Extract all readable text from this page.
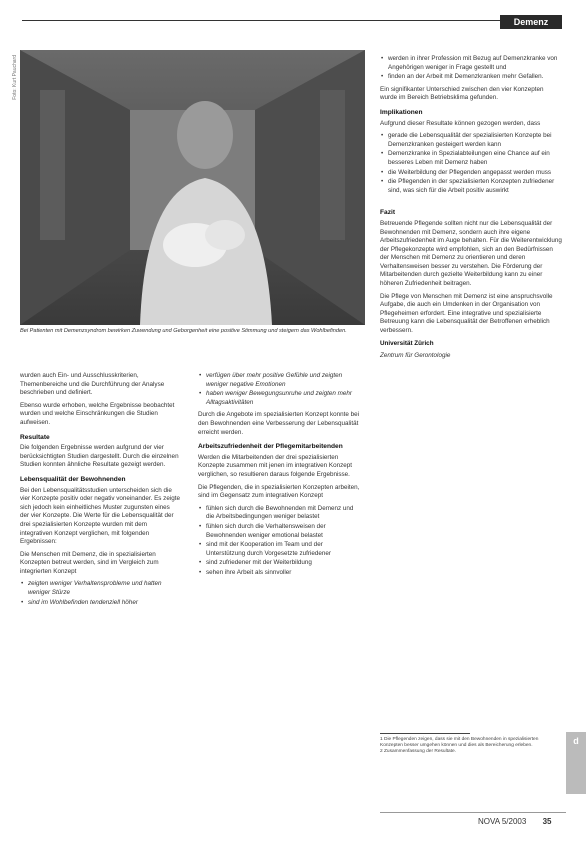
Demenz
Foto: Kurt Pauchard
Bei Patienten mit Demenzsyndrom bewirken Zuwendung und Geborgenheit eine positive Stimmung und steigern das Wohlbefinden.

wurden auch Ein- und Ausschlusskriterien, Themenbereiche und die Durchführung der Analyse beschrieben und definiert.

Ebenso wurde erhoben, welche Ergebnisse beobachtet wurden und welche Einschränkungen die Studien aufweisen.

Resultate

Die folgenden Ergebnisse werden aufgrund der vier berücksichtigten Studien dargestellt. Durch die einzelnen Studien konnten ähnliche Resultate gezeigt werden.

Lebensqualität der Bewohnenden

Bei den Lebensqualitätsstudien unterscheiden sich die vier Konzepte positiv oder negativ voneinander. Es zeigte sich jedoch kein einheitliches Muster zugunsten eines der vier Konzepte. Die Werte für die Lebensqualität der drei spezialisierten Konzepte wurden mit dem integrativen Konzept verglichen, mit folgenden Ergebnissen:

Die Menschen mit Demenz, die in spezialisierten Konzepten betreut werden, sind im Vergleich zum integrierten Konzept

• zeigten weniger Verhaltensprobleme und hatten weniger Stürze
• sind im Wohlbefinden tendenziell höher
• verfügen über mehr positive Gefühle und zeigten weniger negative Emotionen
• haben weniger Bewegungsunruhe und zeigten mehr Alltagsaktivitäten

Durch die Angebote im spezialisierten Konzept konnte bei den Bewohnenden eine Verbesserung der Lebensqualität erreicht werden.

Arbeitszufriedenheit der Pflegemitarbeitenden

Werden die Mitarbeitenden der drei spezialisierten Konzepte zusammen mit jenen im integrativen Konzept verglichen, so resultieren daraus folgende Ergebnisse.

Die Pflegenden, die in spezialisierten Konzepten arbeiten, sind im Gegensatz zum integrativen Konzept

• fühlen sich durch die Bewohnenden mit Demenz und die Arbeitsbedingungen weniger belastet
• fühlen sich durch die Verhaltensweisen der Bewohnenden weniger emotional belastet
• sind mit der Kooperation im Team und der Unterstützung durch Vorgesetzte zufriedener
• sind zufriedener mit der Weiterbildung
• sehen ihre Arbeit als sinnvoller
• werden in ihrer Profession mit Bezug auf Demenzkranke von Angehörigen weniger in Frage gestellt und
• finden an der Arbeit mit Demenzkranken mehr Gefallen.

Ein signifikanter Unterschied zwischen den vier Konzepten wurde im Bereich Betriebsklima gefunden.

Implikationen

Aufgrund dieser Resultate können gezogen werden, dass

• gerade die Lebensqualität der spezialisierten Konzepte bei Demenzkranken gesteigert werden kann
• Demenzkranke in Spezialabteilungen eine Chance auf ein besseres Leben mit Demenz haben
• die Weiterbildung der Pflegenden angepasst werden muss
• die Pflegenden in der spezialisierten Konzepten zufriedener sind, was sich für die Arbeit positiv auswirkt
Fazit

Betreuende Pflegende sollten nicht nur die Lebensqualität der Bewohnenden mit Demenz, sondern auch ihre eigene Arbeitszufriedenheit im Auge behalten. Für die Weiterentwicklung der Pflegekonzepte wird empfohlen, sich an den Bedürfnissen der Menschen mit Demenz zu orientieren und deren Verhaltensweisen besser zu verstehen. Die Förderung der Mitarbeitenden durch gezielte Weiterbildung kann zu einer höheren Zufriedenheit beitragen.

Die Pflege von Menschen mit Demenz ist eine anspruchsvolle Aufgabe, die auch ein Umdenken in der Organisation von Pflegeheimen erfordert. Eine integrative und spezialisierte Betreuung kann die Lebensqualität der Betroffenen erheblich verbessern.

Universität Zürich

Zentrum für Gerontologie

1 Die Pflegenden zeigen, dass sie mit den Bewohnenden in spezialisierten Konzepten besser umgehen können und dies als Bereicherung erleben.
2 Zusammenfassung der Resultate.
d
NOVA 5/2003 35
